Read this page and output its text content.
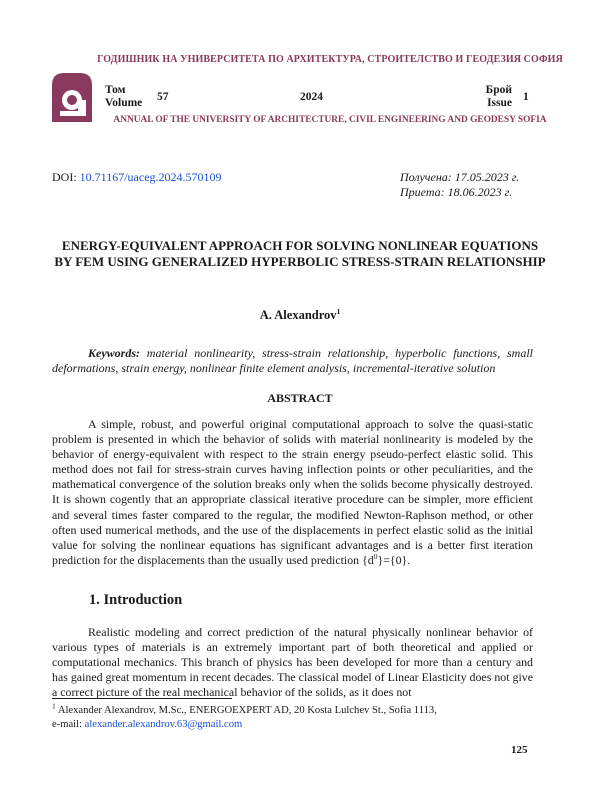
ГОДИШНИК НА УНИВЕРСИТЕТА ПО АРХИТЕКТУРА, СТРОИТЕЛСТВО И ГЕОДЕЗИЯ СОФИЯ
Том
Volume 57	2024
Брой
Issue 1
ANNUAL OF THE UNIVERSITY OF ARCHITECTURE, CIVIL ENGINEERING AND GEODESY SOFIA
DOI: 10.71167/uaceg.2024.570109	Получена: 17.05.2023 г.
Приета: 18.06.2023 г.
ENERGY-EQUIVALENT APPROACH FOR SOLVING NONLINEAR EQUATIONS BY FEM USING GENERALIZED HYPERBOLIC STRESS-STRAIN RELATIONSHIP
A. Alexandrov$^1$
Keywords: material nonlinearity, stress-strain relationship, hyperbolic functions, small deformations, strain energy, nonlinear finite element analysis, incremental-iterative solution
ABSTRACT
A simple, robust, and powerful original computational approach to solve the quasi-static problem is presented in which the behavior of solids with material nonlinearity is modeled by the behavior of energy-equivalent with respect to the strain energy pseudo-perfect elastic solid. This method does not fail for stress-strain curves having inflection points or other peculiarities, and the mathematical convergence of the solution breaks only when the solids become physically destroyed. It is shown cogently that an appropriate classical iterative procedure can be simpler, more efficient and several times faster compared to the regular, the modified Newton-Raphson method, or other often used numerical methods, and the use of the displacements in perfect elastic solid as the initial value for solving the nonlinear equations has significant advantages and is a better first iteration prediction for the displacements than the usually used prediction $\{d^0\}=\{0\}$.
1. Introduction
Realistic modeling and correct prediction of the natural physically nonlinear behavior of various types of materials is an extremely important part of both theoretical and applied or computational mechanics. This branch of physics has been developed for more than a century and has gained great momentum in recent decades. The classical model of Linear Elasticity does not give a correct picture of the real mechanical behavior of the solids, as it does not
$^1$ Alexander Alexandrov, M.Sc., ENERGOEXPERT AD, 20 Kosta Lulchev St., Sofia 1113,
e-mail: alexander.alexandrov.63@gmail.com
125
